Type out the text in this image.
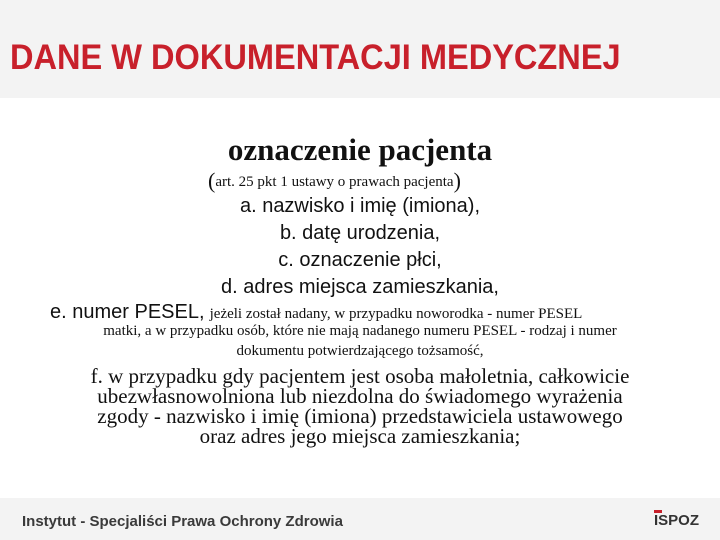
DANE W DOKUMENTACJI MEDYCZNEJ
oznaczenie pacjenta
(art. 25 pkt 1 ustawy o prawach pacjenta)
a. nazwisko i imię (imiona),
b. datę urodzenia,
c. oznaczenie płci,
d. adres miejsca zamieszkania,
e. numer PESEL, jeżeli został nadany, w przypadku noworodka - numer PESEL
matki, a w przypadku osób, które nie mają nadanego numeru PESEL - rodzaj i numer
dokumentu potwierdzającego tożsamość,
f. w przypadku gdy pacjentem jest osoba małoletnia, całkowicie
ubezwłasnowolniona lub niezdolna do świadomego wyrażenia
zgody - nazwisko i imię (imiona) przedstawiciela ustawowego
oraz adres jego miejsca zamieszkania;
Instytut - Specjaliści Prawa Ochrony Zdrowia	ISPOZ
